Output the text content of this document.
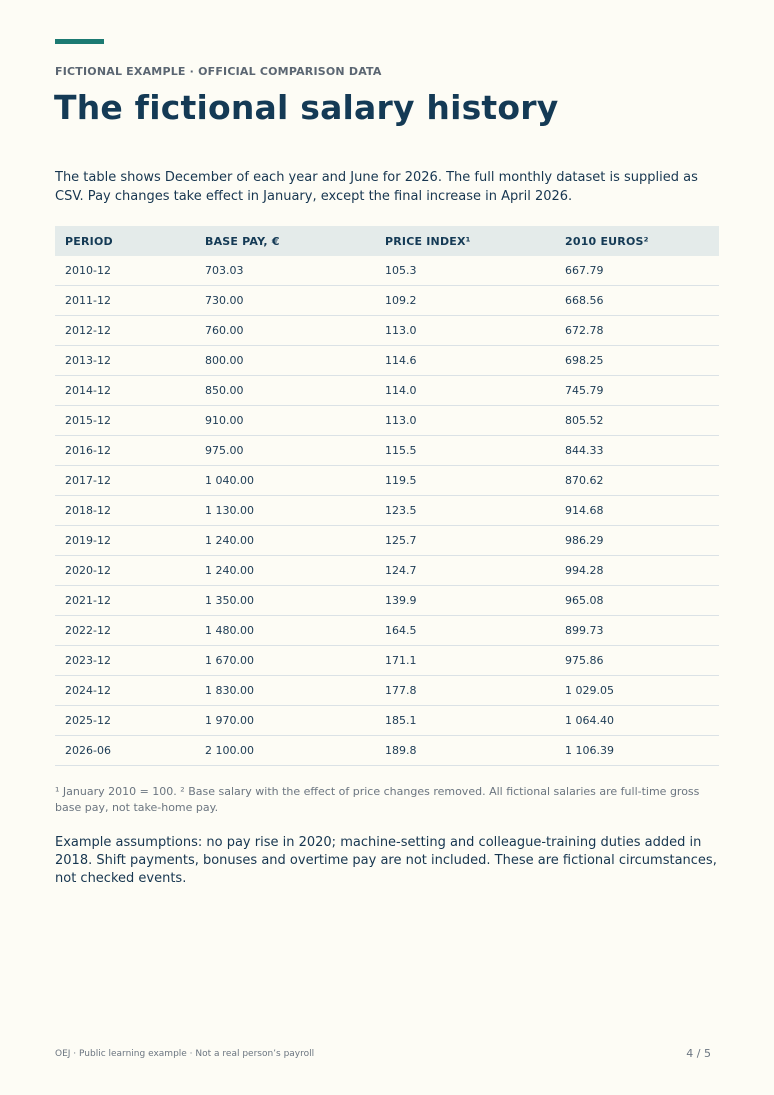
FICTIONAL EXAMPLE · OFFICIAL COMPARISON DATA
The fictional salary history

The table shows December of each year and June for 2026. The full monthly dataset is supplied as CSV. Pay changes take effect in January, except the final increase in April 2026.

PERIOD	BASE PAY, €	PRICE INDEX¹	2010 EUROS²
2010-12	703.03	105.3	667.79
2011-12	730.00	109.2	668.56
2012-12	760.00	113.0	672.78
2013-12	800.00	114.6	698.25
2014-12	850.00	114.0	745.79
2015-12	910.00	113.0	805.52
2016-12	975.00	115.5	844.33
2017-12	1 040.00	119.5	870.62
2018-12	1 130.00	123.5	914.68
2019-12	1 240.00	125.7	986.29
2020-12	1 240.00	124.7	994.28
2021-12	1 350.00	139.9	965.08
2022-12	1 480.00	164.5	899.73
2023-12	1 670.00	171.1	975.86
2024-12	1 830.00	177.8	1 029.05
2025-12	1 970.00	185.1	1 064.40
2026-06	2 100.00	189.8	1 106.39

¹ January 2010 = 100. ² Base salary with the effect of price changes removed. All fictional salaries are full-time gross base pay, not take-home pay.

Example assumptions: no pay rise in 2020; machine-setting and colleague-training duties added in 2018. Shift payments, bonuses and overtime pay are not included. These are fictional circumstances, not checked events.

OEJ · Public learning example · Not a real person’s payroll	4 / 5
